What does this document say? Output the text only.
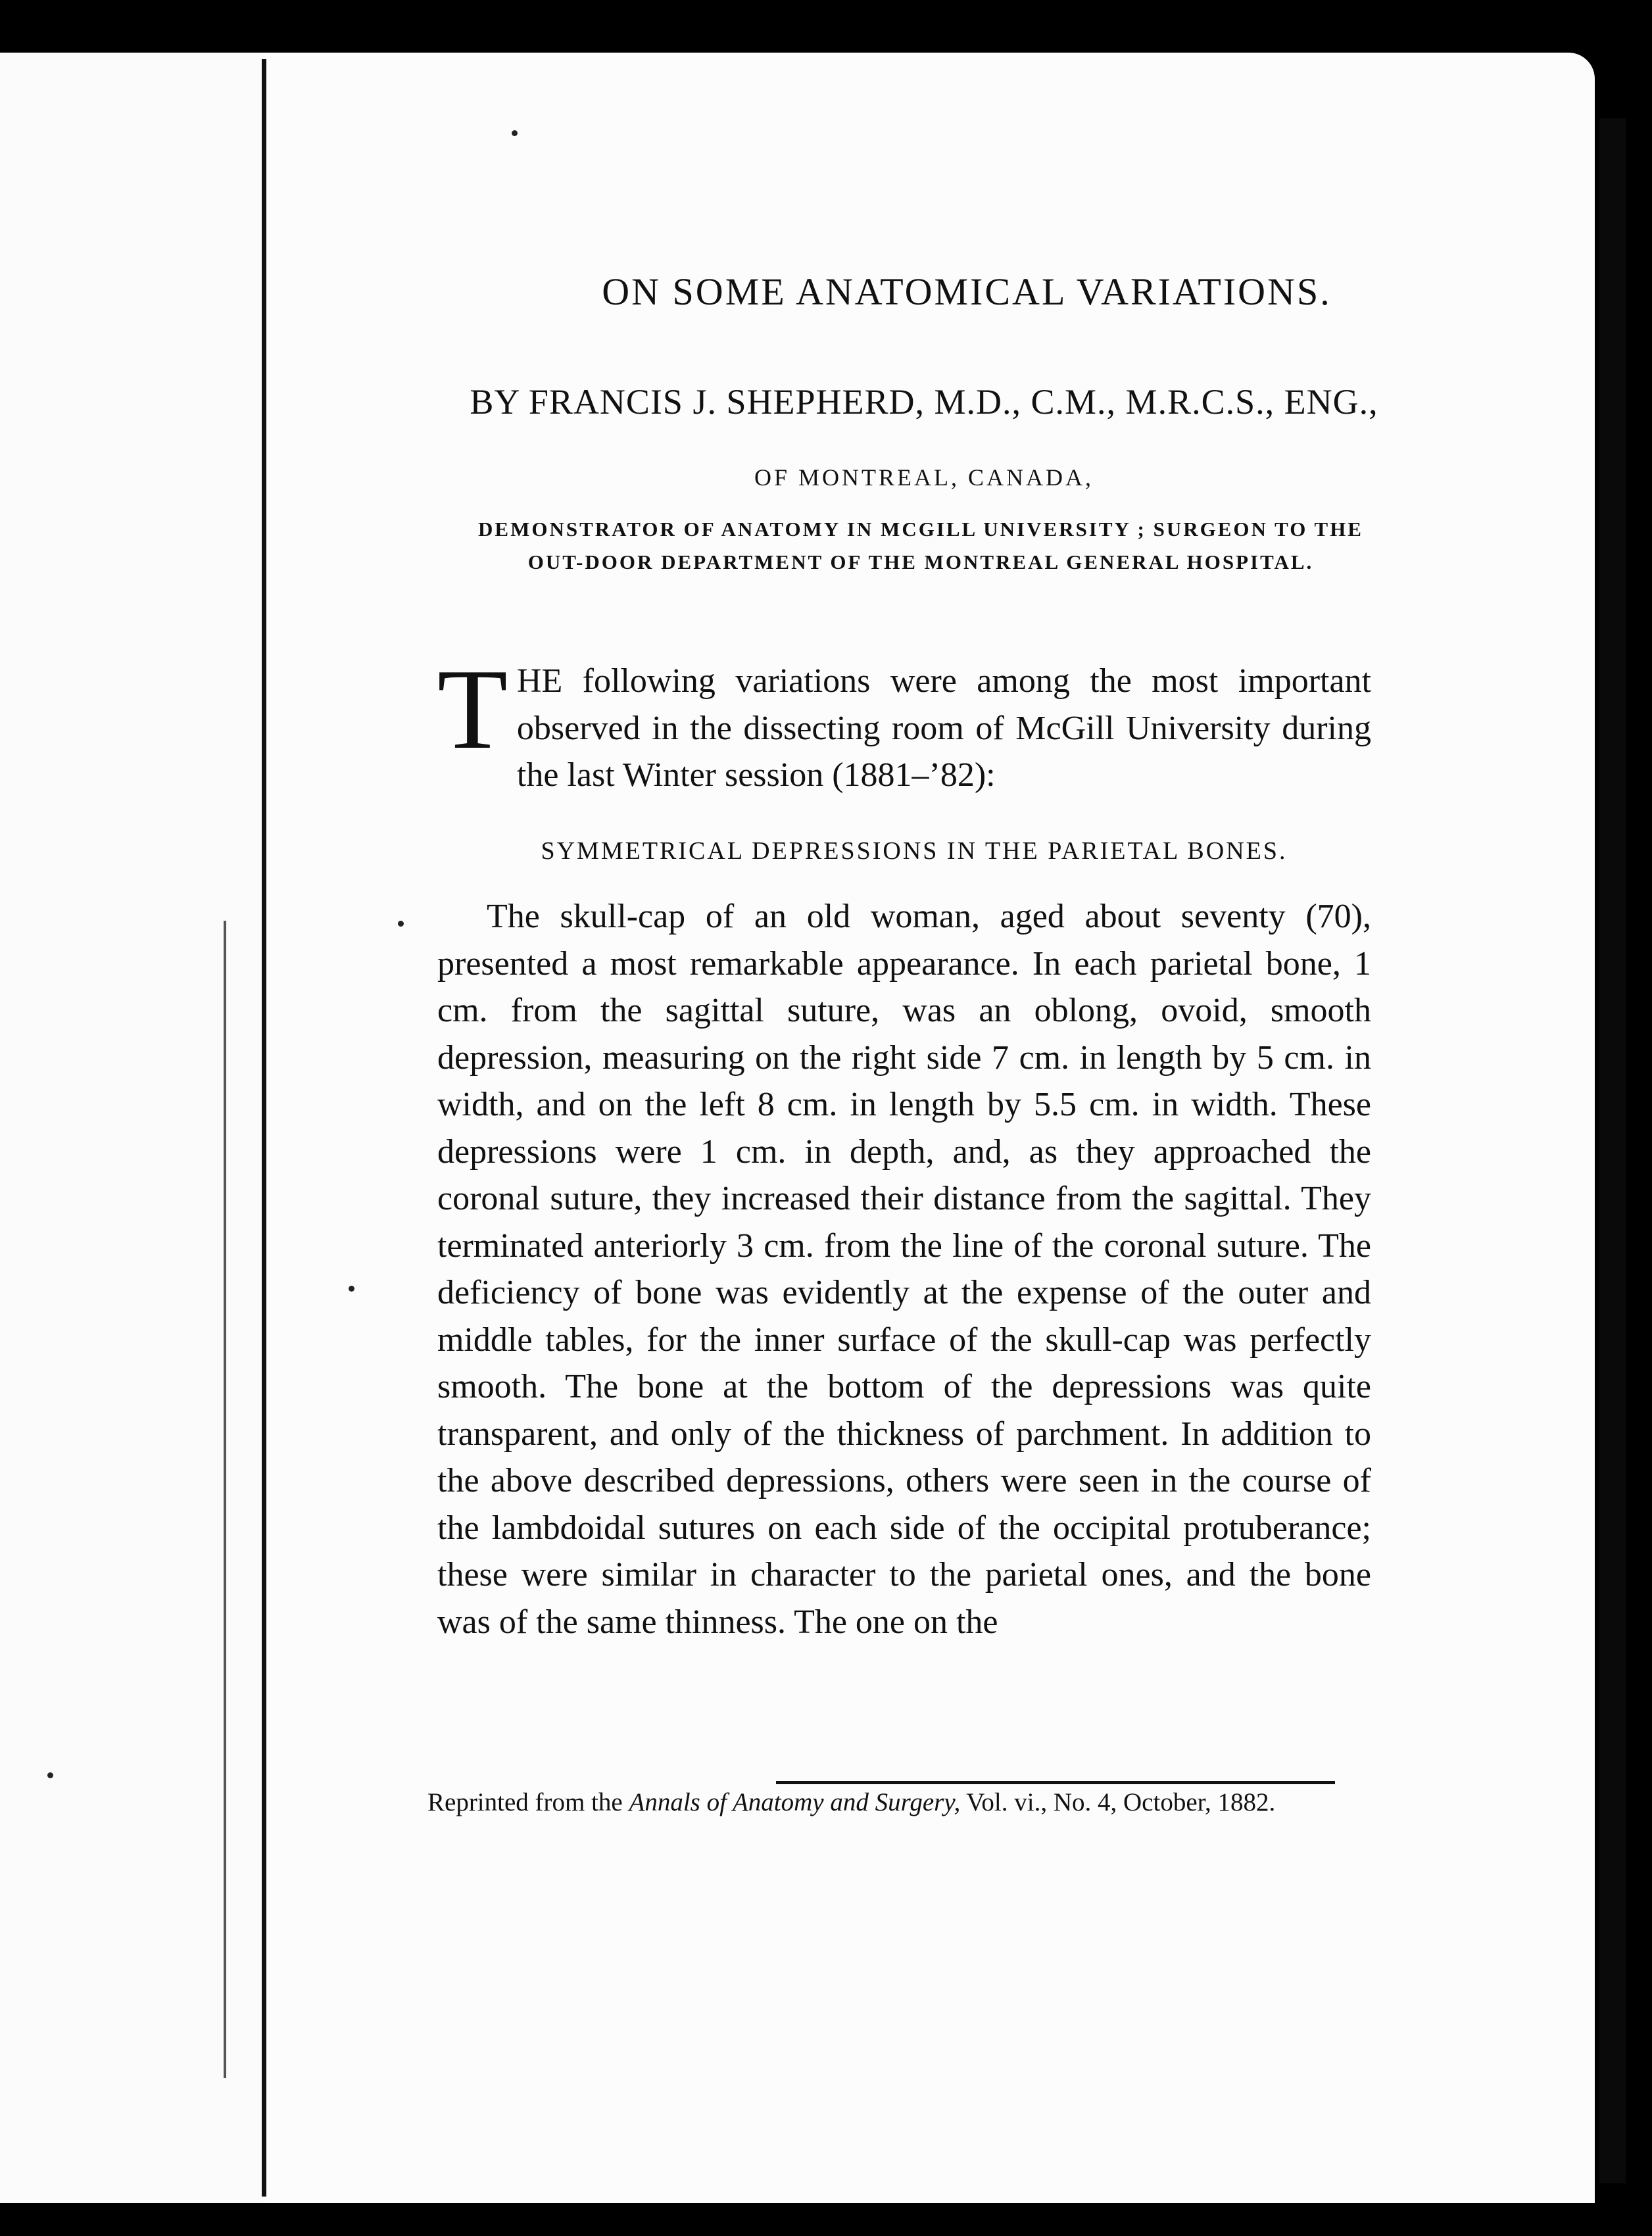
ON SOME ANATOMICAL VARIATIONS.
BY FRANCIS J. SHEPHERD, M.D., C.M., M.R.C.S., ENG.,
OF MONTREAL, CANADA,
DEMONSTRATOR OF ANATOMY IN MCGILL UNIVERSITY ; SURGEON TO THE
OUT-DOOR DEPARTMENT OF THE MONTREAL GENERAL HOSPITAL.
THE following variations were among the most important observed in the dissecting room of McGill University during the last Winter session (1881–’82):
SYMMETRICAL DEPRESSIONS IN THE PARIETAL BONES.
The skull-cap of an old woman, aged about seventy (70), presented a most remarkable appearance. In each parietal bone, 1 cm. from the sagittal suture, was an oblong, ovoid, smooth depression, measuring on the right side 7 cm. in length by 5 cm. in width, and on the left 8 cm. in length by 5.5 cm. in width. These depressions were 1 cm. in depth, and, as they approached the coronal suture, they increased their distance from the sagittal. They terminated anteriorly 3 cm. from the line of the coronal suture. The deficiency of bone was evidently at the expense of the outer and middle tables, for the inner surface of the skull-cap was perfectly smooth. The bone at the bottom of the depressions was quite transparent, and only of the thickness of parchment. In addition to the above described depressions, others were seen in the course of the lambdoidal sutures on each side of the occipital protuberance; these were similar in character to the parietal ones, and the bone was of the same thinness. The one on the
Reprinted from the Annals of Anatomy and Surgery, Vol. vi., No. 4, October, 1882.
